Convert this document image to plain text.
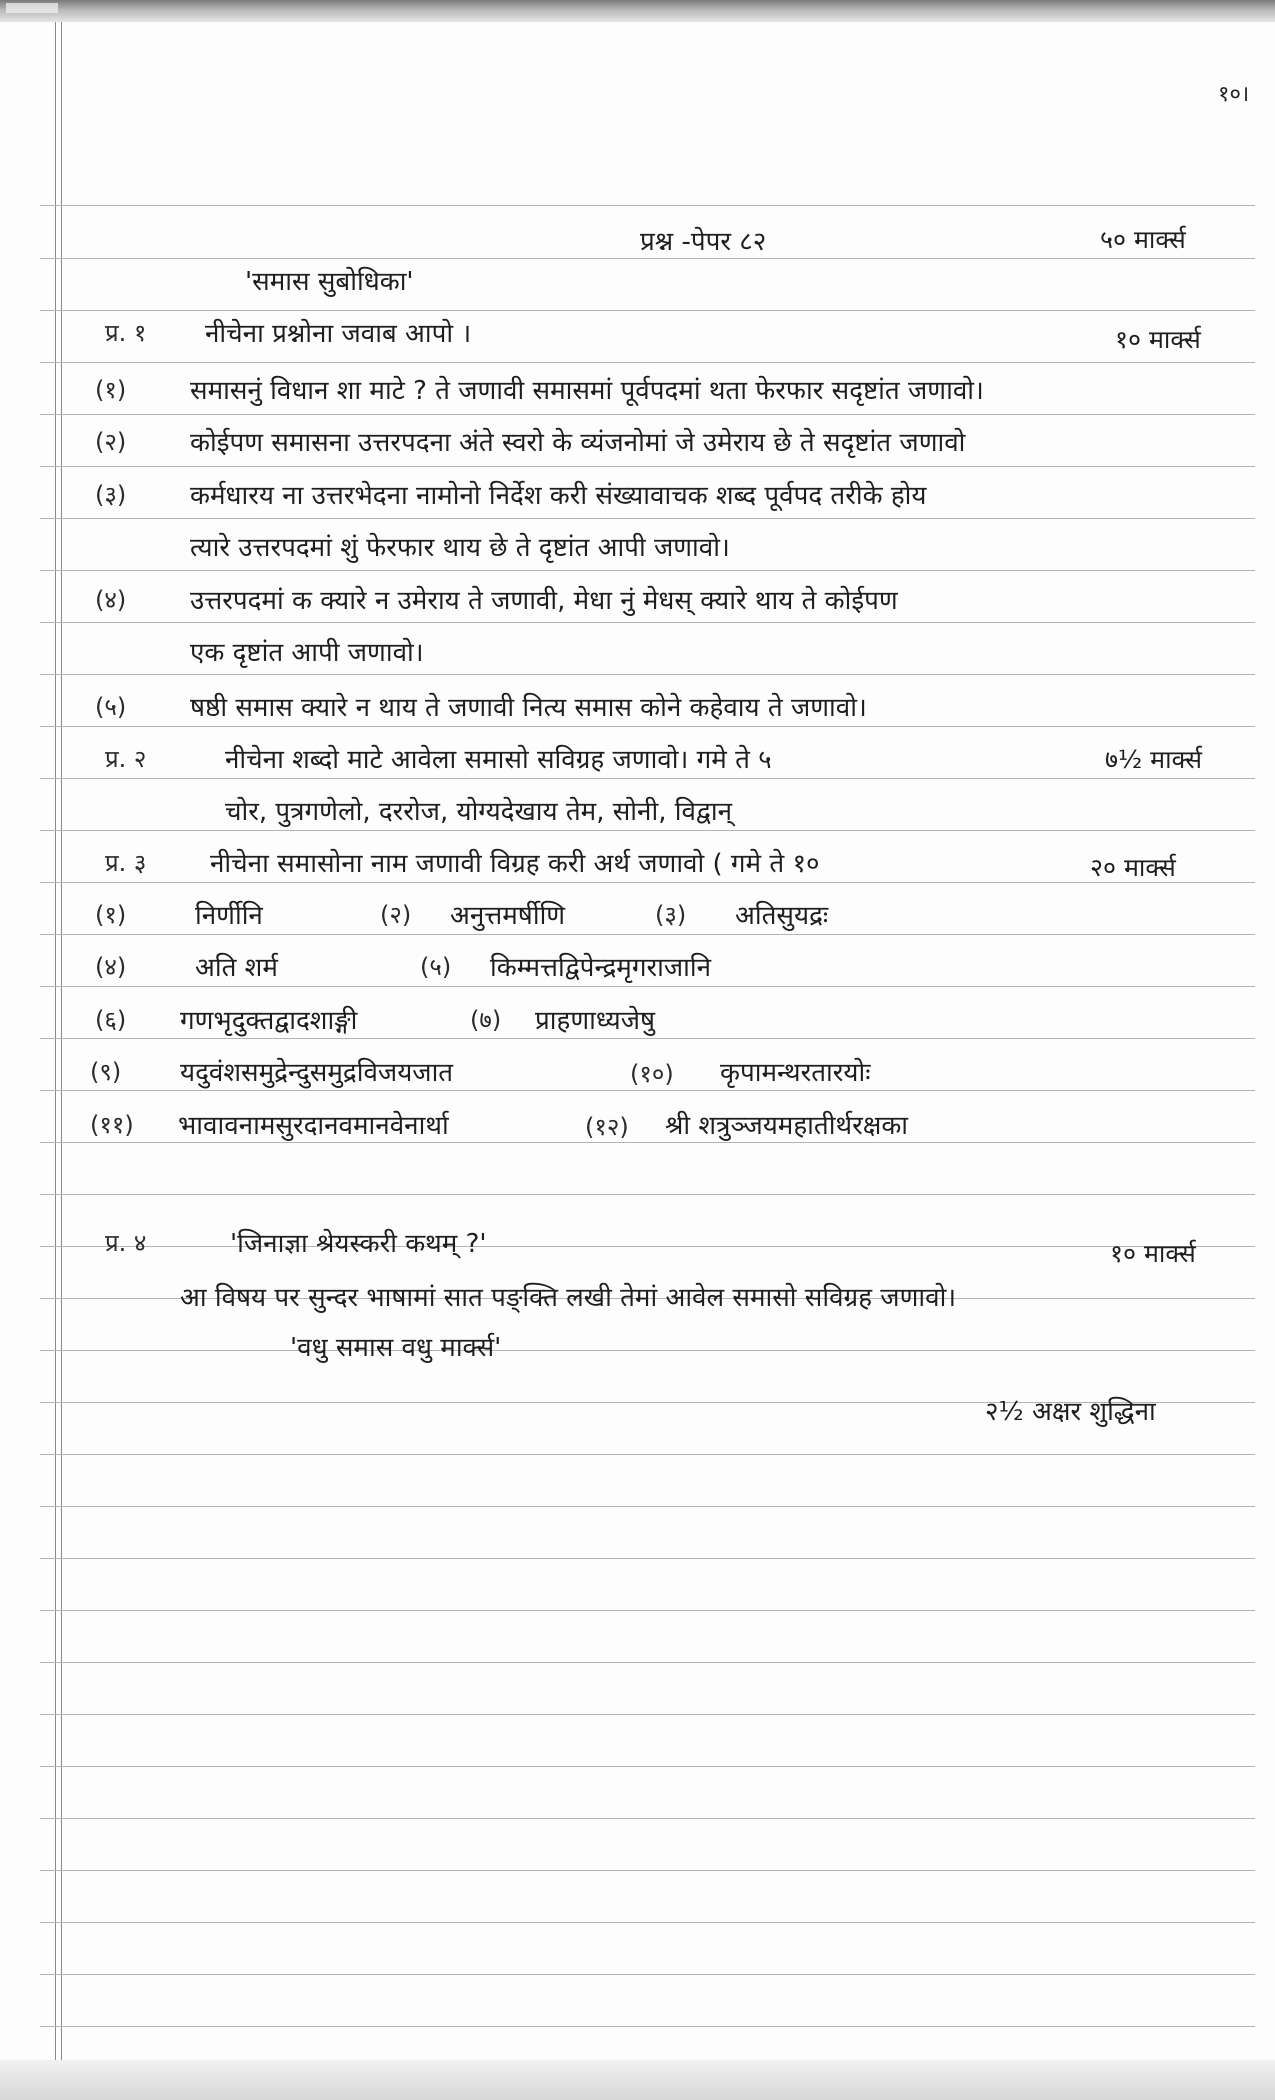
१०।
प्रश्न -पेपर ८२	५० मार्क्स
'समास सुबोधिका'
प्र. १ नीचेना प्रश्नोना जवाब आपो ।	१० मार्क्स
(१) समासनुं विधान शा माटे ? ते जणावी समासमां पूर्वपदमां थता फेरफार सदृष्टांत जणावो।
(२) कोईपण समासना उत्तरपदना अंते स्वरो के व्यंजनोमां जे उमेराय छे ते सदृष्टांत जणावो
(३) कर्मधारय ना उत्तरभेदना नामोनो निर्देश करी संख्यावाचक शब्द पूर्वपद तरीके होय
त्यारे उत्तरपदमां शुं फेरफार थाय छे ते दृष्टांत आपी जणावो।
(४) उत्तरपदमां क क्यारे न उमेराय ते जणावी, मेधा नुं मेधस् क्यारे थाय ते कोईपण
एक दृष्टांत आपी जणावो।
(५) षष्ठी समास क्यारे न थाय ते जणावी नित्य समास कोने कहेवाय ते जणावो।
प्र. २	नीचेना शब्दो माटे आवेला समासो सविग्रह जणावो। गमे ते ५	७½ मार्क्स
चोर, पुत्रगणेलो, दररोज, योग्यदेखाय तेम, सोनी, विद्वान्
प्र. ३ नीचेना समासोना नाम जणावी विग्रह करी अर्थ जणावो ( गमे ते १०	२० मार्क्स
(१)	निर्णीनि	(२) अनुत्तमर्षीणि	(३) अतिसुयद्रः
(४)	अति शर्म	(५) किम्मत्तद्विपेन्द्रमृगराजानि
(६) गणभृदुक्तद्वादशाङ्गी	(७) प्राहणाध्यजेषु
(९) यदुवंशसमुद्रेन्दुसमुद्रविजयजात	(१०) कृपामन्थरतारयोः
(११) भावावनामसुरदानवमानवेनार्था	(१२) श्री शत्रुञ्जयमहातीर्थरक्षका
प्र. ४	'जिनाज्ञा श्रेयस्करी कथम् ?'	१० मार्क्स
आ विषय पर सुन्दर भाषामां सात पङ्क्ति लखी तेमां आवेल समासो सविग्रह जणावो।
'वधु समास वधु मार्क्स'
२½ अक्षर शुद्धिना
